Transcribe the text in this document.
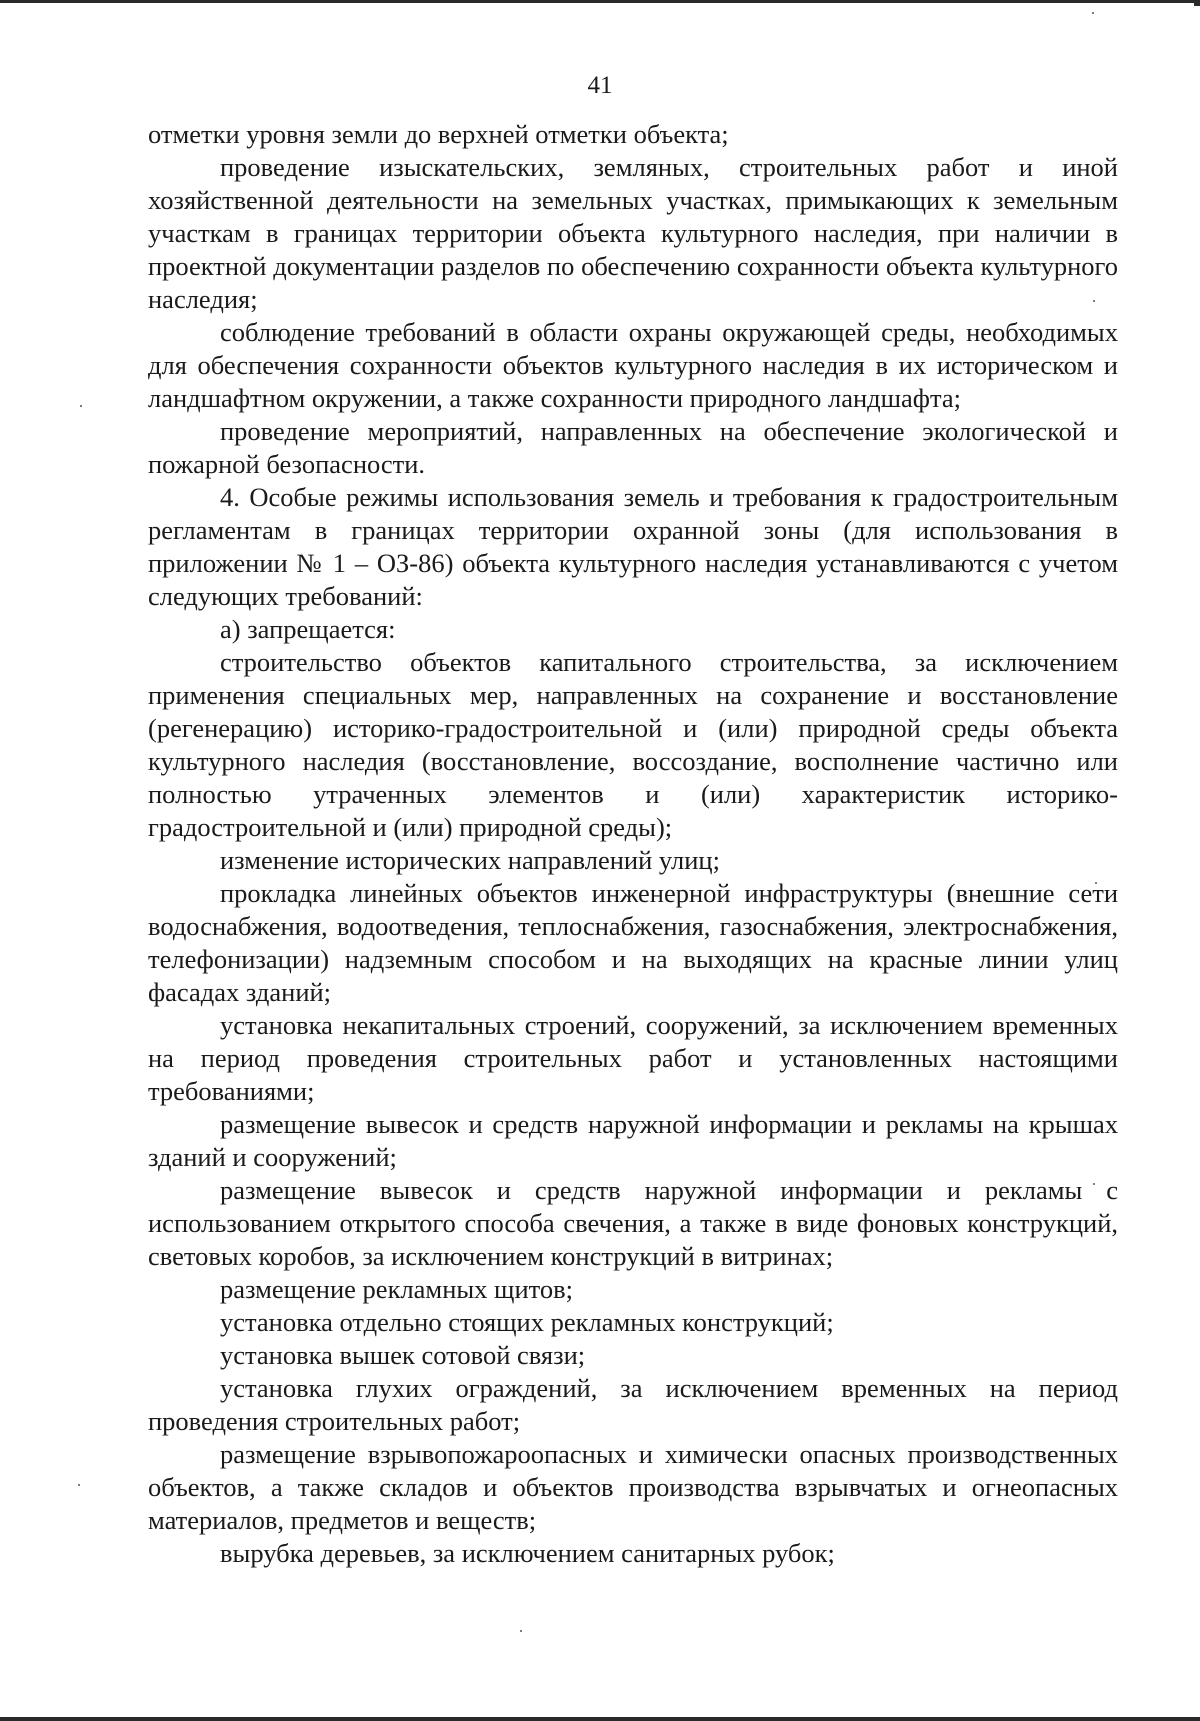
41

отметки уровня земли до верхней отметки объекта;

проведение изыскательских, земляных, строительных работ и иной хозяйственной деятельности на земельных участках, примыкающих к земельным участкам в границах территории объекта культурного наследия, при наличии в проектной документации разделов по обеспечению сохранности объекта культурного наследия;

соблюдение требований в области охраны окружающей среды, необходимых для обеспечения сохранности объектов культурного наследия в их историческом и ландшафтном окружении, а также сохранности природного ландшафта;

проведение мероприятий, направленных на обеспечение экологической и пожарной безопасности.

4. Особые режимы использования земель и требования к градостроительным регламентам в границах территории охранной зоны (для использования в приложении № 1 – ОЗ-86) объекта культурного наследия устанавливаются с учетом следующих требований:

а) запрещается:

строительство объектов капитального строительства, за исключением применения специальных мер, направленных на сохранение и восстановление (регенерацию) историко-градостроительной и (или) природной среды объекта культурного наследия (восстановление, воссоздание, восполнение частично или полностью утраченных элементов и (или) характеристик историко-градостроительной и (или) природной среды);

изменение исторических направлений улиц;

прокладка линейных объектов инженерной инфраструктуры (внешние сети водоснабжения, водоотведения, теплоснабжения, газоснабжения, электроснабжения, телефонизации) надземным способом и на выходящих на красные линии улиц фасадах зданий;

установка некапитальных строений, сооружений, за исключением временных на период проведения строительных работ и установленных настоящими требованиями;

размещение вывесок и средств наружной информации и рекламы на крышах зданий и сооружений;

размещение вывесок и средств наружной информации и рекламы с использованием открытого способа свечения, а также в виде фоновых конструкций, световых коробов, за исключением конструкций в витринах;

размещение рекламных щитов;

установка отдельно стоящих рекламных конструкций;

установка вышек сотовой связи;

установка глухих ограждений, за исключением временных на период проведения строительных работ;

размещение взрывопожароопасных и химически опасных производственных объектов, а также складов и объектов производства взрывчатых и огнеопасных материалов, предметов и веществ;

вырубка деревьев, за исключением санитарных рубок;
